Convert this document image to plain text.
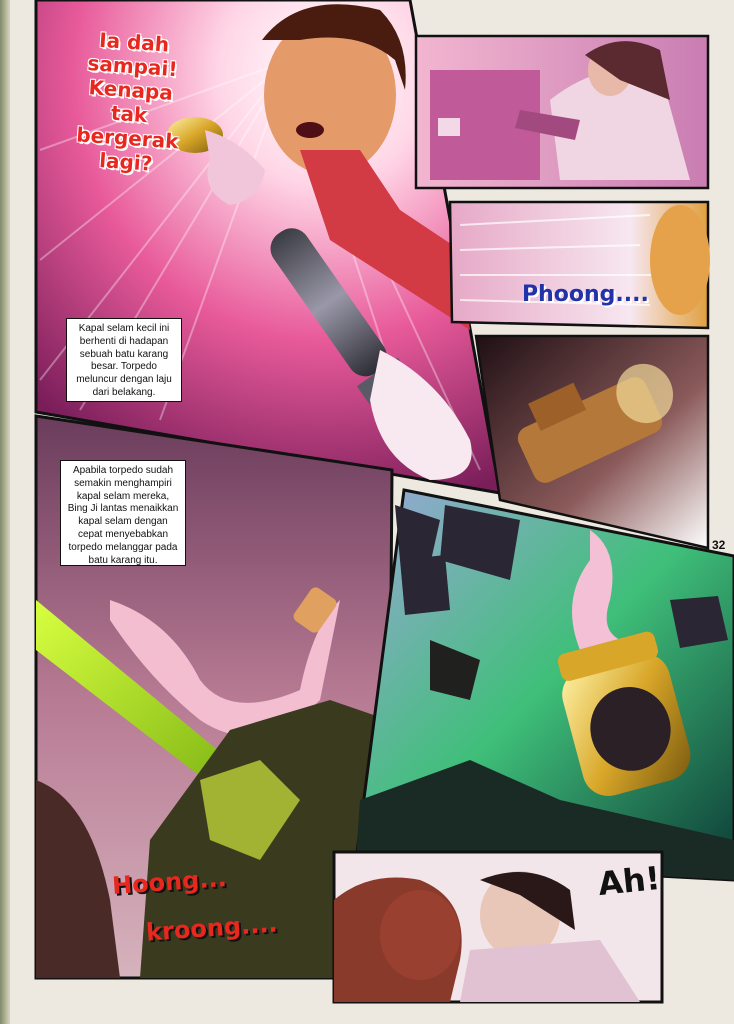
Ia dah
sampai!
Kenapa
tak
bergerak
lagi?
Kapal selam kecil ini berhenti di hadapan sebuah batu karang besar. Torpedo meluncur dengan laju dari belakang.
Apabila torpedo sudah semakin menghampiri kapal selam mereka, Bing Ji lantas menaikkan kapal selam dengan cepat menyebabkan torpedo melanggar pada batu karang itu.
Phoong....
Hoong...
kroong....
Ah!
32
